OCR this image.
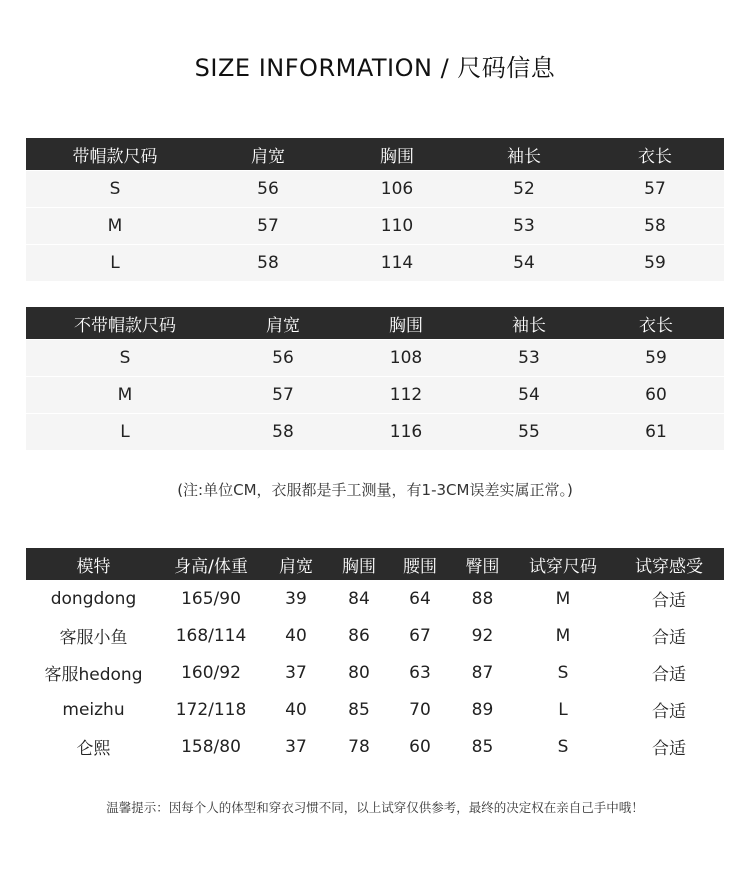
SIZE INFORMATION / 尺码信息
带帽款尺码	肩宽	胸围	袖长	衣长
S	56	106	52	57
M	57	110	53	58
L	58	114	54	59
不带帽款尺码	肩宽	胸围	袖长	衣长
S	56	108	53	59
M	57	112	54	60
L	58	116	55	61
(注:单位CM，衣服都是手工测量，有1-3CM误差实属正常。)
模特	身高/体重	肩宽	胸围	腰围	臀围	试穿尺码	试穿感受
dongdong	165/90	39	84	64	88	M	合适
客服小鱼	168/114	40	86	67	92	M	合适
客服hedong	160/92	37	80	63	87	S	合适
meizhu	172/118	40	85	70	89	L	合适
仑熙	158/80	37	78	60	85	S	合适
温馨提示：因每个人的体型和穿衣习惯不同，以上试穿仅供参考，最终的决定权在亲自己手中哦！
